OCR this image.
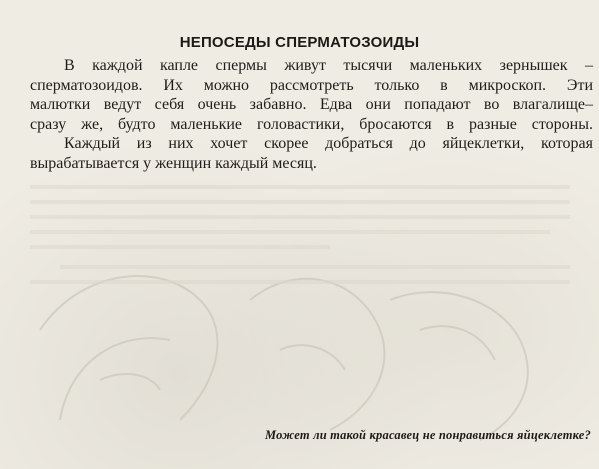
НЕПОСЕДЫ СПЕРМАТОЗОИДЫ
В каждой капле спермы живут тысячи маленьких зернышек –
сперматозоидов. Их можно рассмотреть только в микроскоп. Эти
малютки ведут себя очень забавно. Едва они попадают во влагалище–
сразу же, будто маленькие головастики, бросаются в разные стороны.
Каждый из них хочет скорее добраться до яйцеклетки, которая
вырабатывается у женщин каждый месяц.
Может ли такой красавец не понравиться яйцеклетке?
